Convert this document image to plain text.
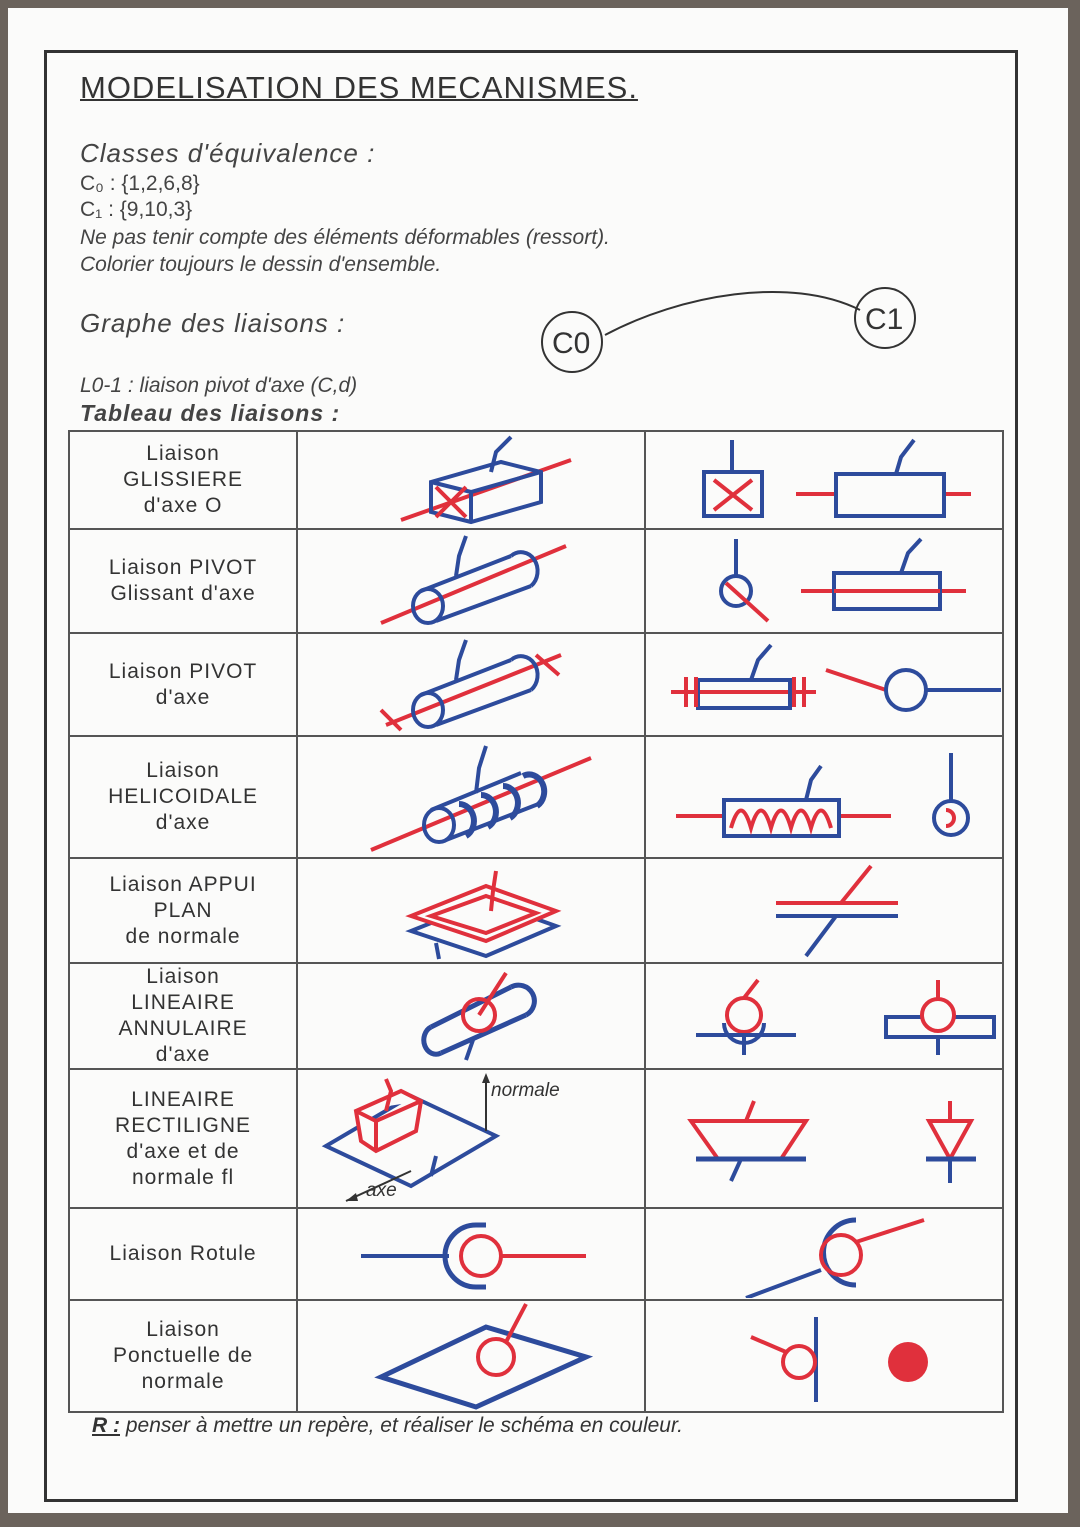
MODELISATION DES MECANISMES.
Classes d'équivalence :
C₀ : {1,2,6,8}
C₁ : {9,10,3}
Ne pas tenir compte des éléments déformables (ressort).
Colorier toujours le dessin d'ensemble.
Graphe des liaisons :
C0
C1
L0-1 : liaison pivot d'axe (C,d)
Tableau des liaisons :
Liaison
GLISSIERE
d'axe O

Liaison PIVOT
Glissant d'axe

Liaison PIVOT
d'axe

Liaison
HELICOIDALE
d'axe

Liaison APPUI
PLAN
de normale

Liaison
LINEAIRE
ANNULAIRE
d'axe

LINEAIRE
RECTILIGNE
d'axe et de
normale fl	normale
axe

Liaison Rotule

Liaison
Ponctuelle de
normale

R : penser à mettre un repère, et réaliser le schéma en couleur.
